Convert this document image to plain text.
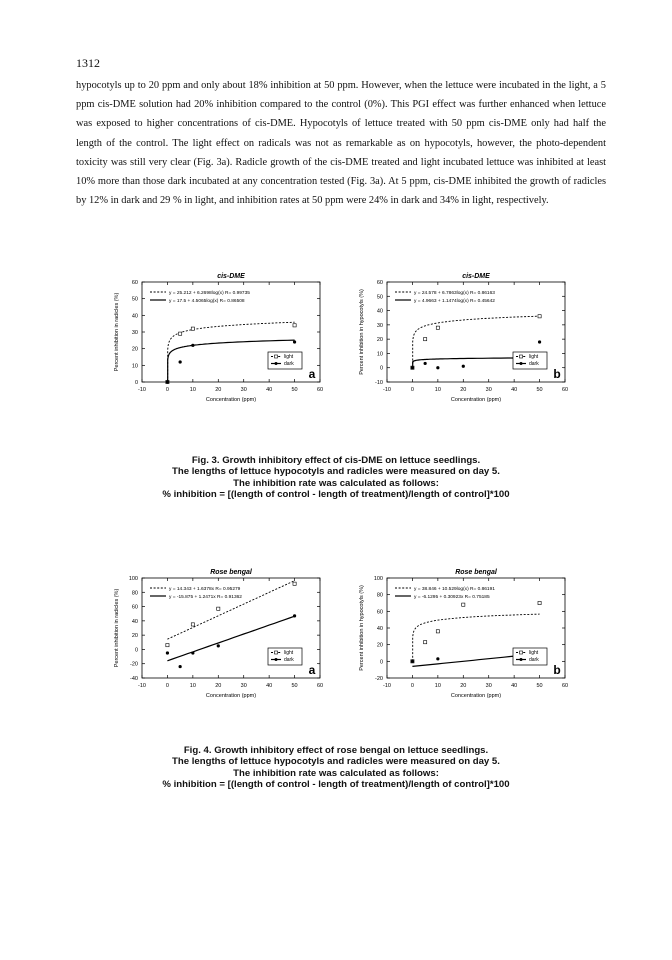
1312

hypocotyls up to 20 ppm and only about 18% inhibition at 50 ppm. However, when the lettuce were incubated in the light, a 5 ppm cis-DME solution had 20% inhibition compared to the control (0%). This PGI effect was further enhanced when lettuce was exposed to higher concentrations of cis-DME. Hypocotyls of lettuce treated with 50 ppm cis-DME only had half the length of the control. The light effect on radicals was not as remarkable as on hypocotyls, however, the photo-dependent toxicity was still very clear (Fig. 3a). Radicle growth of the cis-DME treated and light incubated lettuce was inhibited at least 10% more than those dark incubated at any concentration tested (Fig. 3a). At 5 ppm, cis-DME inhibited the growth of radicles by 12% in dark and 29 % in light, and inhibition rates at 50 ppm were 24% in dark and 34% in light, respectively.

cis-DME
0
10
20
30
40
50
60
-10	0	10	20	30	40	50	60
Concentration (ppm)
Percent inhibition in radicles (%)	y = 25.212 + 6.2698log(x) R= 0.99735
y = 17.5 + 4.5065log(x) R= 0.86508
light
dark
a
cis-DME
-10
0
10
20
30
40
50
60
-10	0	10	20	30	40	50	60
Concentration (ppm)
Percent inhibition in hypocotyls (%)	y = 24.578 + 6.7863log(x) R= 0.86163
y = 4.9663 + 1.1474log(x) R= 0.45642
light
dark
b
Fig. 3. Growth inhibitory effect of cis-DME on lettuce seedlings.
The lengths of lettuce hypocotyls and radicles were measured on day 5.
The inhibition rate was calculated as follows:
% inhibition = [(length of control - length of treatment)/length of control]*100
Rose bengal
-40
-20
0
20
40
60
80
100
-10	0	10	20	30	40	50	60
Concentration (ppm)
Percent inhibition in radicles (%)	y = 14.343 + 1.6378x R= 0.95279
y = -15.875 + 1.2471x R= 0.91362
light
dark
a
Rose bengal
-20
0
20
40
60
80
100
-10	0	10	20	30	40	50	60
Concentration (ppm)
Percent inhibition in hypocotyls (%)	y = 38.846 + 10.529log(x) R= 0.86191
y = -6.1295 + 0.30923x R= 0.75185
light
dark
b
Fig. 4. Growth inhibitory effect of rose bengal on lettuce seedlings.
The lengths of lettuce hypocotyls and radicles were measured on day 5.
The inhibition rate was calculated as follows:
% inhibition = [(length of control - length of treatment)/length of control]*100
